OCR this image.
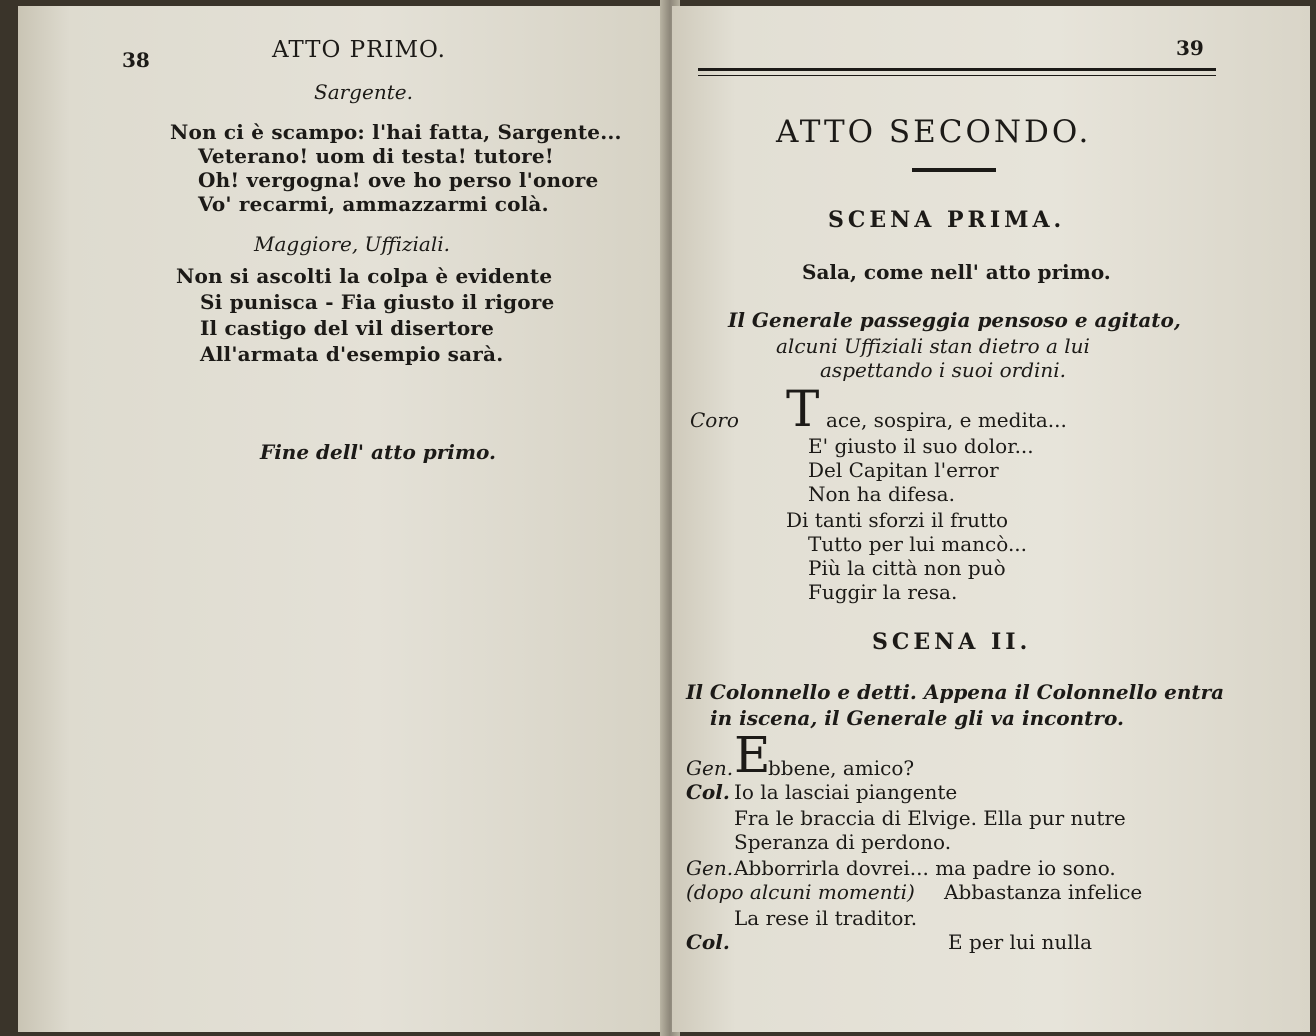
38	ATTO PRIMO.
Sargente.
Non ci è scampo: l'hai fatta, Sargente...
Veterano! uom di testa! tutore!
Oh! vergogna! ove ho perso l'onore
Vo' recarmi, ammazzarmi colà.
Maggiore, Uffiziali.
Non si ascolti la colpa è evidente
Si punisca - Fia giusto il rigore
Il castigo del vil disertore
All'armata d'esempio sarà.
Fine dell' atto primo.
39
ATTO SECONDO.
SCENA PRIMA.
Sala, come nell' atto primo.
Il Generale passeggia pensoso e agitato,
alcuni Uffiziali stan dietro a lui
aspettando i suoi ordini.
Coro T ace, sospira, e medita...
E' giusto il suo dolor...
Del Capitan l'error
Non ha difesa.
Di tanti sforzi il frutto
Tutto per lui mancò...
Più la città non può
Fuggir la resa.
SCENA II.
Il Colonnello e detti. Appena il Colonnello entra
in iscena, il Generale gli va incontro.
Gen. E
bbene, amico?
Col. Io la lasciai piangente
Fra le braccia di Elvige. Ella pur nutre
Speranza di perdono.
Gen. Abborrirla dovrei... ma padre io sono.
(dopo alcuni momenti) Abbastanza infelice
La rese il traditor.
Col.	E per lui nulla
